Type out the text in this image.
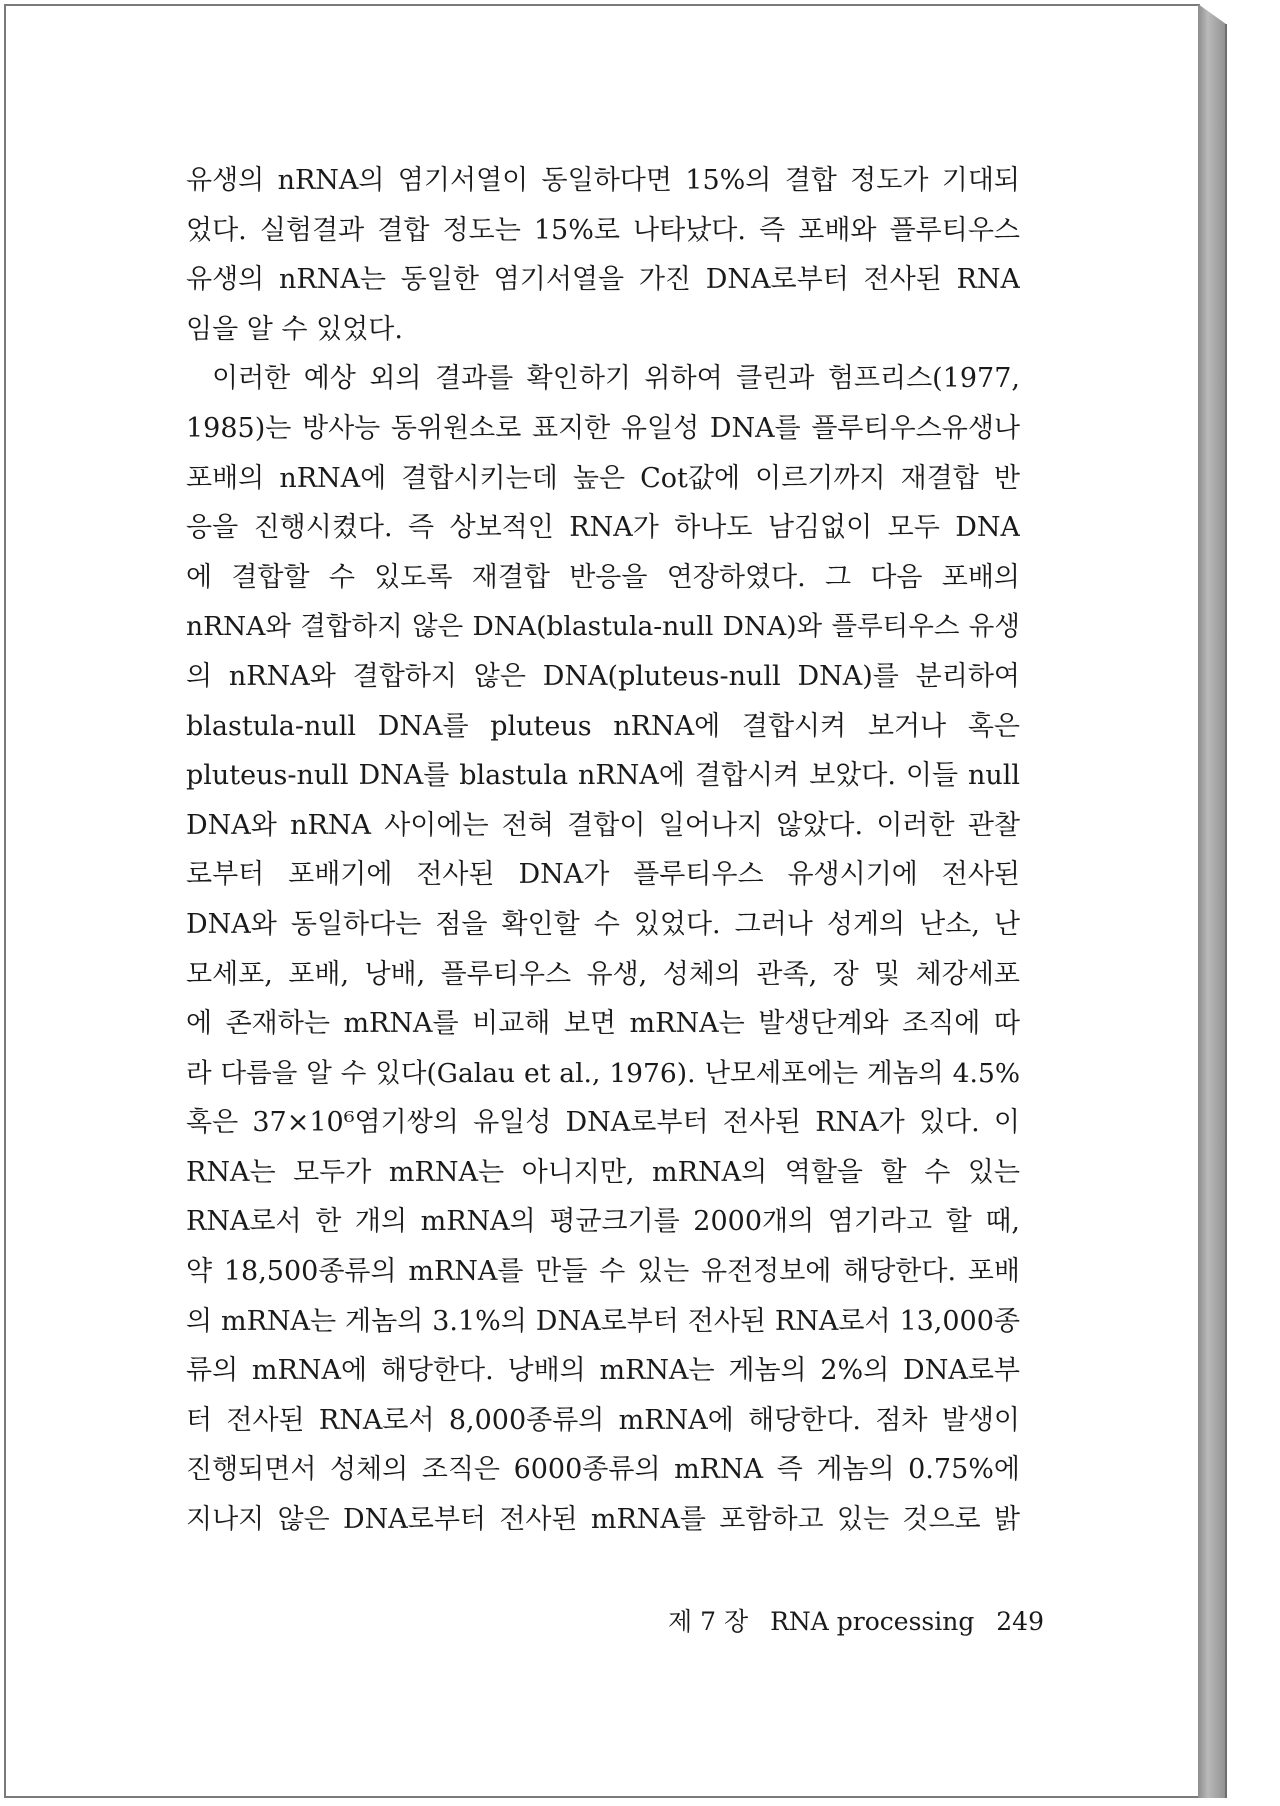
유생의 nRNA의 염기서열이 동일하다면 15%의 결합 정도가 기대되
었다. 실험결과 결합 정도는 15%로 나타났다. 즉 포배와 플루티우스
유생의 nRNA는 동일한 염기서열을 가진 DNA로부터 전사된 RNA
임을 알 수 있었다.
이러한 예상 외의 결과를 확인하기 위하여 클린과 험프리스(1977,
1985)는 방사능 동위원소로 표지한 유일성 DNA를 플루티우스유생나
포배의 nRNA에 결합시키는데 높은 Cot값에 이르기까지 재결합 반
응을 진행시켰다. 즉 상보적인 RNA가 하나도 남김없이 모두 DNA
에 결합할 수 있도록 재결합 반응을 연장하였다. 그 다음 포배의
nRNA와 결합하지 않은 DNA(blastula-null DNA)와 플루티우스 유생
의 nRNA와 결합하지 않은 DNA(pluteus-null DNA)를 분리하여
blastula-null DNA를 pluteus nRNA에 결합시켜 보거나 혹은
pluteus-null DNA를 blastula nRNA에 결합시켜 보았다. 이들 null
DNA와 nRNA 사이에는 전혀 결합이 일어나지 않았다. 이러한 관찰
로부터 포배기에 전사된 DNA가 플루티우스 유생시기에 전사된
DNA와 동일하다는 점을 확인할 수 있었다. 그러나 성게의 난소, 난
모세포, 포배, 낭배, 플루티우스 유생, 성체의 관족, 장 및 체강세포
에 존재하는 mRNA를 비교해 보면 mRNA는 발생단계와 조직에 따
라 다름을 알 수 있다(Galau et al., 1976). 난모세포에는 게놈의 4.5%
혹은 37×10⁶염기쌍의 유일성 DNA로부터 전사된 RNA가 있다. 이
RNA는 모두가 mRNA는 아니지만, mRNA의 역할을 할 수 있는
RNA로서 한 개의 mRNA의 평균크기를 2000개의 염기라고 할 때,
약 18,500종류의 mRNA를 만들 수 있는 유전정보에 해당한다. 포배
의 mRNA는 게놈의 3.1%의 DNA로부터 전사된 RNA로서 13,000종
류의 mRNA에 해당한다. 낭배의 mRNA는 게놈의 2%의 DNA로부
터 전사된 RNA로서 8,000종류의 mRNA에 해당한다. 점차 발생이
진행되면서 성체의 조직은 6000종류의 mRNA 즉 게놈의 0.75%에
지나지 않은 DNA로부터 전사된 mRNA를 포함하고 있는 것으로 밝
제 7 장 RNA processing 249
